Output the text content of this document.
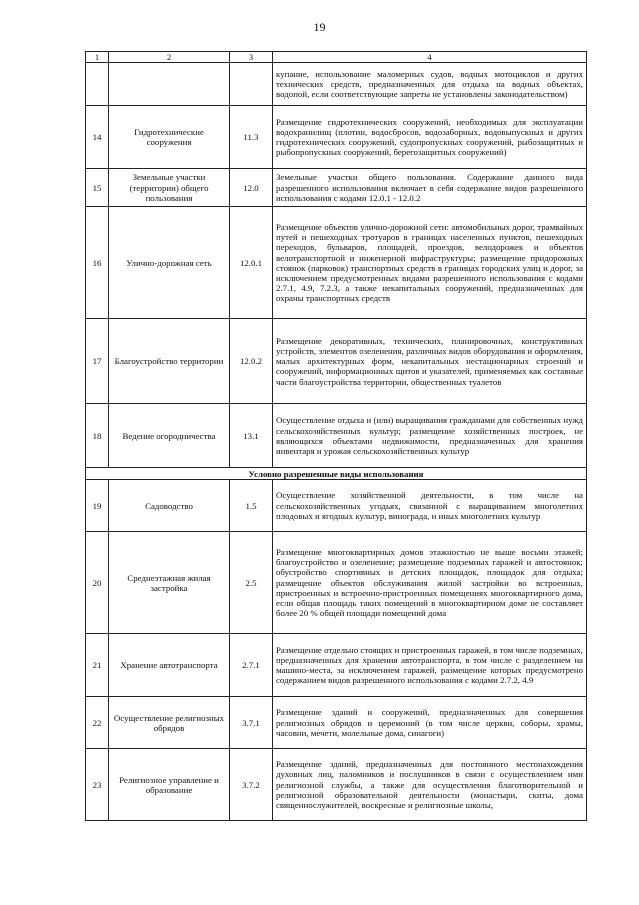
19
1	2	3	4
			купание, использование маломерных судов, водных мотоциклов и других технических средств, предназначенных для отдыха на водных объектах, водопой, если соответствующие запреты не установлены законодательством)
14	Гидротехнические сооружения	11.3	Размещение гидротехнических сооружений, необходимых для эксплуатации водохранилищ (плотин, водосбросов, водозаборных, водовыпускных и других гидротехнических сооружений, судопропускных сооружений, рыбозащитных и рыбопропускных сооружений, берегозащитных сооружений)
15	Земельные участки (территории) общего пользования	12.0	Земельные участки общего пользования. Содержание данного вида разрешенного использования включает в себя содержание видов разрешенного использования с кодами 12.0.1 - 12.0.2
16	Улично-дорожная сеть	12.0.1	Размещение объектов улично-дорожной сети: автомобильных дорог, трамвайных путей и пешеходных тротуаров в границах населенных пунктов, пешеходных переходов, бульваров, площадей, проездов, велодорожек и объектов велотранспортной и инженерной инфраструктуры; размещение придорожных стоянок (парковок) транспортных средств в границах городских улиц и дорог, за исключением предусмотренных видами разрешенного использования с кодами 2.7.1, 4.9, 7.2.3, а также некапитальных сооружений, предназначенных для охраны транспортных средств
17	Благоустройство территории	12.0.2	Размещение декоративных, технических, планировочных, конструктивных устройств, элементов озеленения, различных видов оборудования и оформления, малых архитектурных форм, некапитальных нестационарных строений и сооружений, информационных щитов и указателей, применяемых как составные части благоустройства территории, общественных туалетов
18	Ведение огородничества	13.1	Осуществление отдыха и (или) выращивания гражданами для собственных нужд сельскохозяйственных культур; размещение хозяйственных построек, не являющихся объектами недвижимости, предназначенных для хранения инвентаря и урожая сельскохозяйственных культур
Условно разрешенные виды использования			
19	Садоводство	1.5	Осуществление хозяйственной деятельности, в том числе на сельскохозяйственных угодьях, связанной с выращиванием многолетних плодовых и ягодных культур, винограда, и иных многолетних культур
20	Среднеэтажная жилая застройка	2.5	Размещение многоквартирных домов этажностью не выше восьми этажей; благоустройство и озеленение; размещение подземных гаражей и автостоянок; обустройство спортивных и детских площадок, площадок для отдыха; размещение объектов обслуживания жилой застройки во встроенных, пристроенных и встроенно-пристроенных помещениях многоквартирного дома, если общая площадь таких помещений в многоквартирном доме не составляет более 20 % общей площади помещений дома
21	Хранение автотранспорта	2.7.1	Размещение отдельно стоящих и пристроенных гаражей, в том числе подземных, предназначенных для хранения автотранспорта, в том числе с разделением на машино-места, за исключением гаражей, размещение которых предусмотрено содержанием видов разрешенного использования с кодами 2.7.2, 4.9
22	Осуществление религиозных обрядов	3.7.1	Размещение зданий и сооружений, предназначенных для совершения религиозных обрядов и церемоний (в том числе церкви, соборы, храмы, часовни, мечети, молельные дома, синагоги)
23	Религиозное управление и образование	3.7.2	Размещение зданий, предназначенных для постоянного местонахождения духовных лиц, паломников и послушников в связи с осуществлением ими религиозной службы, а также для осуществления благотворительной и религиозной образовательной деятельности (монастыри, скиты, дома священнослужителей, воскресные и религиозные школы,
